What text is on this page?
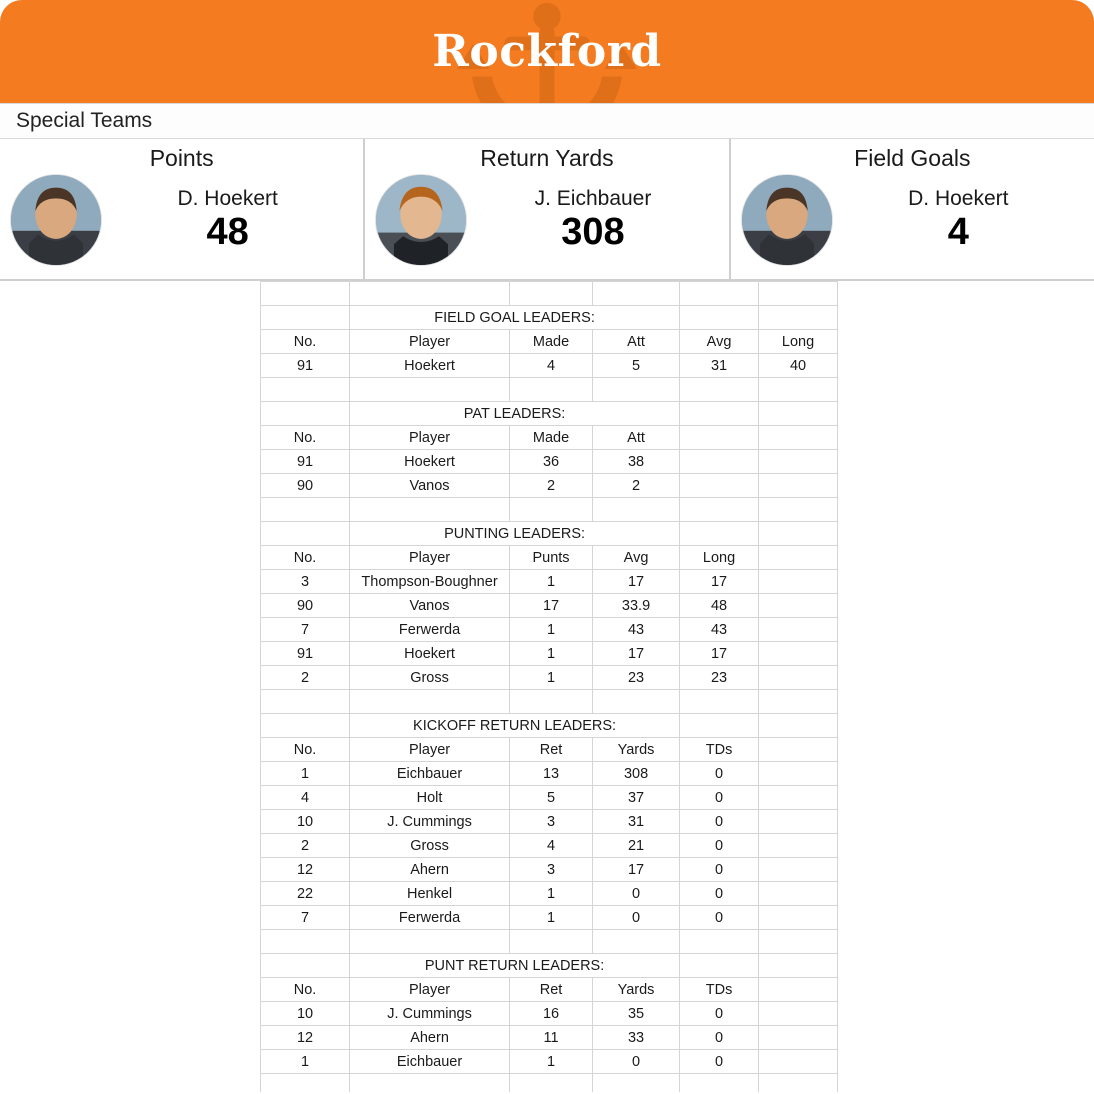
Rockford
Special Teams
Points
D. Hoekert
48
Return Yards
J. Eichbauer
308
Field Goals
D. Hoekert
4

	FIELD GOAL LEADERS:				
No.	Player	Made	Att	Avg	Long
91	Hoekert	4	5	31	40

	PAT LEADERS:				
No.	Player	Made	Att		
91	Hoekert	36	38		
90	Vanos	2	2		

	PUNTING LEADERS:				
No.	Player	Punts	Avg	Long	
3	Thompson-Boughner	1	17	17	
90	Vanos	17	33.9	48	
7	Ferwerda	1	43	43	
91	Hoekert	1	17	17	
2	Gross	1	23	23	

	KICKOFF RETURN LEADERS:				
No.	Player	Ret	Yards	TDs	
1	Eichbauer	13	308	0	
4	Holt	5	37	0	
10	J. Cummings	3	31	0	
2	Gross	4	21	0	
12	Ahern	3	17	0	
22	Henkel	1	0	0	
7	Ferwerda	1	0	0	

	PUNT RETURN LEADERS:				
No.	Player	Ret	Yards	TDs	
10	J. Cummings	16	35	0	
12	Ahern	11	33	0	
1	Eichbauer	1	0	0	
